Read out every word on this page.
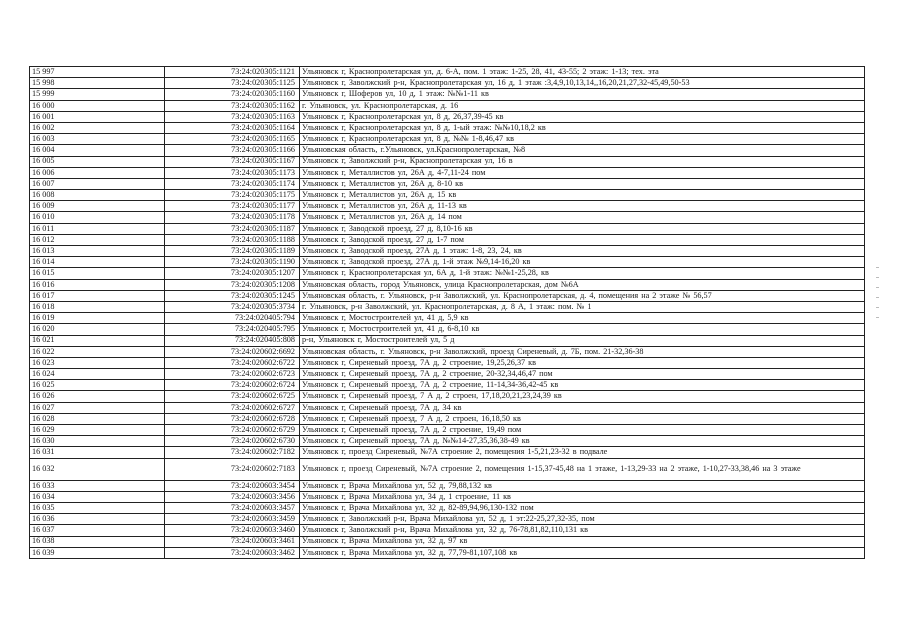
15 997	73:24:020305:1121	Ульяновск г, Краснопролетарская ул, д. 6-А, пом. 1 этаж: 1-25, 28, 41, 43-55; 2 этаж: 1-13; тех. эта
15 998	73:24:020305:1125	Ульяновск г, Заволжский р-н, Краснопролетарская ул, 16 д, 1 этаж :3,4,9,10,13,14,,16,20,21,27,32-45,49,50-53
15 999	73:24:020305:1160	Ульяновск г, Шоферов ул, 10 д, 1 этаж: №№1-11 кв
16 000	73:24:020305:1162	г. Ульяновск, ул. Краснопролетарская, д. 16
16 001	73:24:020305:1163	Ульяновск г, Краснопролетарская ул, 8 д, 26,37,39-45 кв
16 002	73:24:020305:1164	Ульяновск г, Краснопролетарская ул, 8 д, 1-ый этаж: №№10,18,2 кв
16 003	73:24:020305:1165	Ульяновск г, Краснопролетарская ул, 8 д, №№ 1-8,46,47 кв
16 004	73:24:020305:1166	Ульяновская область, г.Ульяновск, ул.Краснопролетарская, №8
16 005	73:24:020305:1167	Ульяновск г, Заволжский р-н, Краснопролетарская ул, 16 в
16 006	73:24:020305:1173	Ульяновск г, Металлистов ул, 26А д, 4-7,11-24 пом
16 007	73:24:020305:1174	Ульяновск г, Металлистов ул, 26А д, 8-10 кв
16 008	73:24:020305:1175	Ульяновск г, Металлистов ул, 26А д, 15 кв
16 009	73:24:020305:1177	Ульяновск г, Металлистов ул, 26А д, 11-13 кв
16 010	73:24:020305:1178	Ульяновск г, Металлистов ул, 26А д, 14 пом
16 011	73:24:020305:1187	Ульяновск г, Заводской проезд, 27 д, 8,10-16 кв
16 012	73:24:020305:1188	Ульяновск г, Заводской проезд, 27 д, 1-7 пом
16 013	73:24:020305:1189	Ульяновск г, Заводской проезд, 27А д, 1 этаж: 1-8, 23, 24, кв
16 014	73:24:020305:1190	Ульяновск г, Заводской проезд, 27А д, 1-й этаж №9,14-16,20 кв
16 015	73:24:020305:1207	Ульяновск г, Краснопролетарская ул, 6А д, 1-й этаж: №№1-25,28, кв
16 016	73:24:020305:1208	Ульяновская область, город Ульяновск, улица Краснопролетарская, дом №6А
16 017	73:24:020305:1245	Ульяновская область, г. Ульяновск, р-н Заволжский, ул. Краснопролетарская, д. 4, помещения на 2 этаже № 56,57
16 018	73:24:020305:3734	г. Ульяновск, р-н Заволжский, ул. Краснопролетарская, д. 8 А, 1 этаж: пом. № 1
16 019	73:24:020405:794	Ульяновск г, Мостостроителей ул, 41 д, 5,9 кв
16 020	73:24:020405:795	Ульяновск г, Мостостроителей ул, 41 д, 6-8,10 кв
16 021	73:24:020405:808	р-н, Ульяновск г, Мостостроителей ул, 5 д
16 022	73:24:020602:6692	Ульяновская область, г. Ульяновск, р-н Заволжский, проезд Сиреневый, д. 7Б, пом. 21-32,36-38
16 023	73:24:020602:6722	Ульяновск г, Сиреневый проезд, 7А д, 2 строение, 19,25,26,37 кв
16 024	73:24:020602:6723	Ульяновск г, Сиреневый проезд, 7А д, 2 строение, 20-32,34,46,47 пом
16 025	73:24:020602:6724	Ульяновск г, Сиреневый проезд, 7А д, 2 строение, 11-14,34-36,42-45 кв
16 026	73:24:020602:6725	Ульяновск г, Сиреневый проезд, 7 А д, 2 строен, 17,18,20,21,23,24,39 кв
16 027	73:24:020602:6727	Ульяновск г, Сиреневый проезд, 7А д, 34 кв
16 028	73:24:020602:6728	Ульяновск г, Сиреневый проезд, 7 А д, 2 строен, 16,18,50 кв
16 029	73:24:020602:6729	Ульяновск г, Сиреневый проезд, 7А д, 2 строение, 19,49 пом
16 030	73:24:020602:6730	Ульяновск г, Сиреневый проезд, 7А д, №№14-27,35,36,38-49 кв
16 031	73:24:020602:7182	Ульяновск г, проезд Сиреневый, №7А строение 2, помещения 1-5,21,23-32 в подвале
16 032	73:24:020602:7183	Ульяновск г, проезд Сиреневый, №7А строение 2, помещения 1-15,37-45,48 на 1 этаже, 1-13,29-33 на 2 этаже, 1-10,27-33,38,46 на 3 этаже
16 033	73:24:020603:3454	Ульяновск г, Врача Михайлова ул, 52 д, 79,88,132 кв
16 034	73:24:020603:3456	Ульяновск г, Врача Михайлова ул, 34 д, 1 строение, 11 кв
16 035	73:24:020603:3457	Ульяновск г, Врача Михайлова ул, 32 д, 82-89,94,96,130-132 пом
16 036	73:24:020603:3459	Ульяновск г, Заволжский р-н, Врача Михайлова ул, 52 д, 1 эт:22-25,27,32-35, пом
16 037	73:24:020603:3460	Ульяновск г, Заволжский р-н, Врача Михайлова ул, 32 д, 76-78,81,82,110,131 кв
16 038	73:24:020603:3461	Ульяновск г, Врача Михайлова ул, 32 д, 97 кв
16 039	73:24:020603:3462	Ульяновск г, Врача Михайлова ул, 32 д, 77,79-81,107,108 кв
